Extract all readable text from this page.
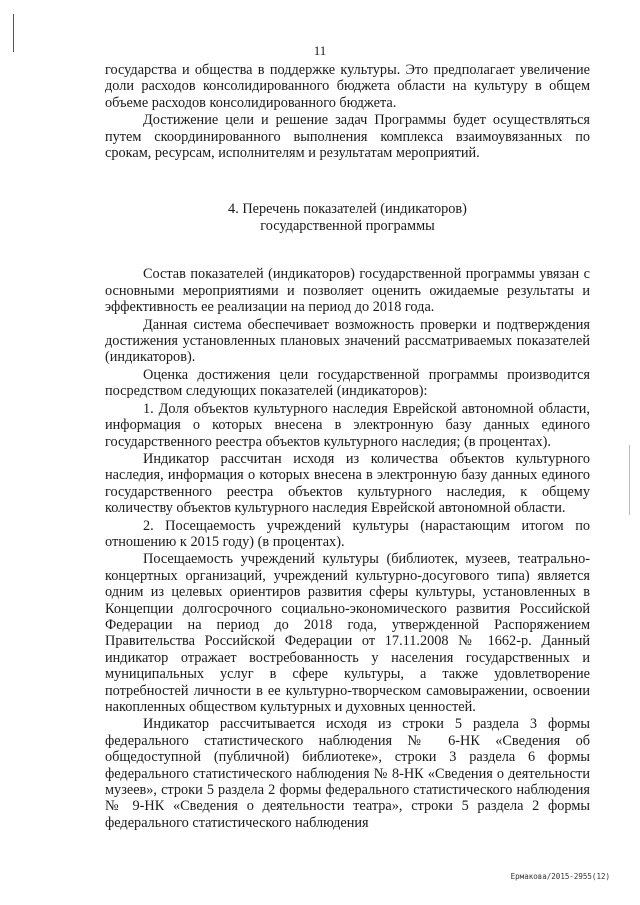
11

государства и общества в поддержке культуры. Это предполагает увеличение доли расходов консолидированного бюджета области на культуру в общем объеме расходов консолидированного бюджета.

Достижение цели и решение задач Программы будет осуществляться путем скоординированного выполнения комплекса взаимоувязанных по срокам, ресурсам, исполнителям и результатам мероприятий.

4. Перечень показателей (индикаторов)
государственной программы

Состав показателей (индикаторов) государственной программы увязан с основными мероприятиями и позволяет оценить ожидаемые результаты и эффективность ее реализации на период до 2018 года.

Данная система обеспечивает возможность проверки и подтверждения достижения установленных плановых значений рассматриваемых показателей (индикаторов).

Оценка достижения цели государственной программы производится посредством следующих показателей (индикаторов):

1. Доля объектов культурного наследия Еврейской автономной области, информация о которых внесена в электронную базу данных единого государственного реестра объектов культурного наследия; (в процентах).

Индикатор рассчитан исходя из количества объектов культурного наследия, информация о которых внесена в электронную базу данных единого государственного реестра объектов культурного наследия, к общему количеству объектов культурного наследия Еврейской автономной области.

2. Посещаемость учреждений культуры (нарастающим итогом по отношению к 2015 году) (в процентах).

Посещаемость учреждений культуры (библиотек, музеев, театрально-концертных организаций, учреждений культурно-досугового типа) является одним из целевых ориентиров развития сферы культуры, установленных в Концепции долгосрочного социально-экономического развития Российской Федерации на период до 2018 года, утвержденной Распоряжением Правительства Российской Федерации от 17.11.2008 № 1662-р. Данный индикатор отражает востребованность у населения государственных и муниципальных услуг в сфере культуры, а также удовлетворение потребностей личности в ее культурно-творческом самовыражении, освоении накопленных обществом культурных и духовных ценностей.

Индикатор рассчитывается исходя из строки 5 раздела 3 формы федерального статистического наблюдения № 6-НК «Сведения об общедоступной (публичной) библиотеке», строки 3 раздела 6 формы федерального статистического наблюдения № 8-НК «Сведения о деятельности музеев», строки 5 раздела 2 формы федерального статистического наблюдения № 9-НК «Сведения о деятельности театра», строки 5 раздела 2 формы федерального статистического наблюдения

Ермакова/2015-2955(12)
